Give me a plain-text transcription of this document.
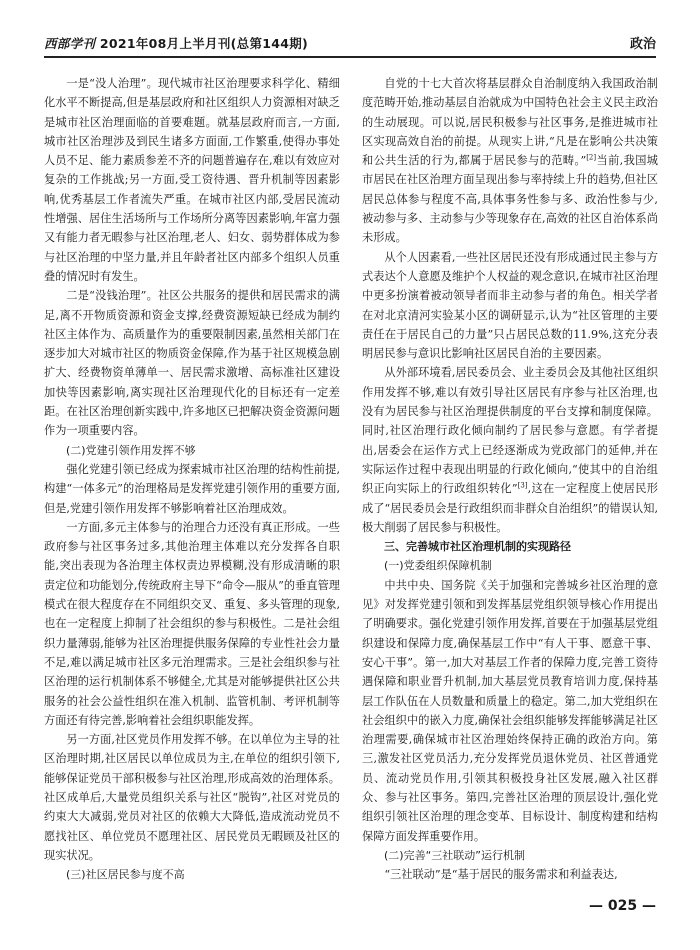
西部学刊 2021年08月上半月刊(总第144期)	政治

一是“没人治理”。现代城市社区治理要求科学化、精细化水平不断提高,但是基层政府和社区组织人力资源相对缺乏是城市社区治理面临的首要难题。就基层政府而言,一方面,城市社区治理涉及到民生诸多方面面,工作繁重,使得办事处人员不足、能力素质参差不齐的问题普遍存在,难以有效应对复杂的工作挑战;另一方面,受工资待遇、晋升机制等因素影响,优秀基层工作者流失严重。在城市社区内部,受居民流动性增强、居住生活场所与工作场所分离等因素影响,年富力强又有能力者无暇参与社区治理,老人、妇女、弱势群体成为参与社区治理的中坚力量,并且年龄者社区内部多个组织人员重叠的情况时有发生。

二是“没钱治理”。社区公共服务的提供和居民需求的满足,离不开物质资源和资金支撑,经费资源短缺已经成为制约社区主体作为、高质量作为的重要限制因素,虽然相关部门在逐步加大对城市社区的物质资金保障,作为基于社区规模急剧扩大、经费物资单薄单一、居民需求激增、高标准社区建设加快等因素影响,离实现社区治理现代化的目标还有一定差距。在社区治理创新实践中,许多地区已把解决资金资源问题作为一项重要内容。

(二)党建引领作用发挥不够

强化党建引领已经成为探索城市社区治理的结构性前提,构建“一体多元”的治理格局是发挥党建引领作用的重要方面,但是,党建引领作用发挥不够影响着社区治理成效。

一方面,多元主体参与的治理合力还没有真正形成。一些政府参与社区事务过多,其他治理主体难以充分发挥各自职能,突出表现为各治理主体权责边界模糊,没有形成清晰的职责定位和功能划分,传统政府主导下“命令—服从”的垂直管理模式在很大程度存在不同组织交叉、重复、多头管理的现象,也在一定程度上抑制了社会组织的参与积极性。二是社会组织力量薄弱,能够为社区治理提供服务保障的专业性社会力量不足,难以满足城市社区多元治理需求。三是社会组织参与社区治理的运行机制体系不够健全,尤其是对能够提供社区公共服务的社会公益性组织在准入机制、监管机制、考评机制等方面还有待完善,影响着社会组织职能发挥。

另一方面,社区党员作用发挥不够。在以单位为主导的社区治理时期,社区居民以单位成员为主,在单位的组织引领下,能够保证党员干部积极参与社区治理,形成高效的治理体系。社区成单后,大量党员组织关系与社区“脱钩”,社区对党员的约束大大减弱,党员对社区的依赖大大降低,造成流动党员不愿找社区、单位党员不愿理社区、居民党员无暇顾及社区的现实状况。

(三)社区居民参与度不高

自党的十七大首次将基层群众自治制度纳入我国政治制度范畴开始,推动基层自治就成为中国特色社会主义民主政治的生动展现。可以说,居民积极参与社区事务,是推进城市社区实现高效自治的前提。从现实上讲,“凡是在影响公共决策和公共生活的行为,都属于居民参与的范畴。”[2]当前,我国城市居民在社区治理方面呈现出参与率持续上升的趋势,但社区居民总体参与程度不高,具体事务性参与多、政治性参与少,被动参与多、主动参与少等现象存在,高效的社区自治体系尚未形成。

从个人因素看,一些社区居民还没有形成通过民主参与方式表达个人意愿及维护个人权益的观念意识,在城市社区治理中更多扮演着被动领导者而非主动参与者的角色。相关学者在对北京清河实验某小区的调研显示,认为“社区管理的主要责任在于居民自己的力量”只占居民总数的11.9%,这充分表明居民参与意识比影响社区居民自治的主要因素。

从外部环境看,居民委员会、业主委员会及其他社区组织作用发挥不够,难以有效引导社区居民有序参与社区治理,也没有为居民参与社区治理提供制度的平台支撑和制度保障。同时,社区治理行政化倾向制约了居民参与意愿。有学者提出,居委会在运作方式上已经逐渐成为党政部门的延伸,并在实际运作过程中表现出明显的行政化倾向,“使其中的自治组织正向实际上的行政组织转化”[3],这在一定程度上使居民形成了“居民委员会是行政组织而非群众自治组织”的错误认知,极大削弱了居民参与积极性。

三、完善城市社区治理机制的实现路径

(一)党委组织保障机制

中共中央、国务院《关于加强和完善城乡社区治理的意见》对发挥党建引领和到发挥基层党组织领导核心作用提出了明确要求。强化党建引领作用发挥,首要在于加强基层党组织建设和保障力度,确保基层工作中“有人干事、愿意干事、安心干事”。第一,加大对基层工作者的保障力度,完善工资待遇保障和职业晋升机制,加大基层党员教育培训力度,保持基层工作队伍在人员数量和质量上的稳定。第二,加大党组织在社会组织中的嵌入力度,确保社会组织能够发挥能够满足社区治理需要,确保城市社区治理始终保持正确的政治方向。第三,激发社区党员活力,充分发挥党员退休党员、社区普通党员、流动党员作用,引领其积极投身社区发展,融入社区群众、参与社区事务。第四,完善社区治理的顶层设计,强化党组织引领社区治理的理念变革、目标设计、制度构建和结构保障方面发挥重要作用。

(二)完善“三社联动”运行机制

“三社联动”是“基于居民的服务需求和利益表达,

— 025 —
